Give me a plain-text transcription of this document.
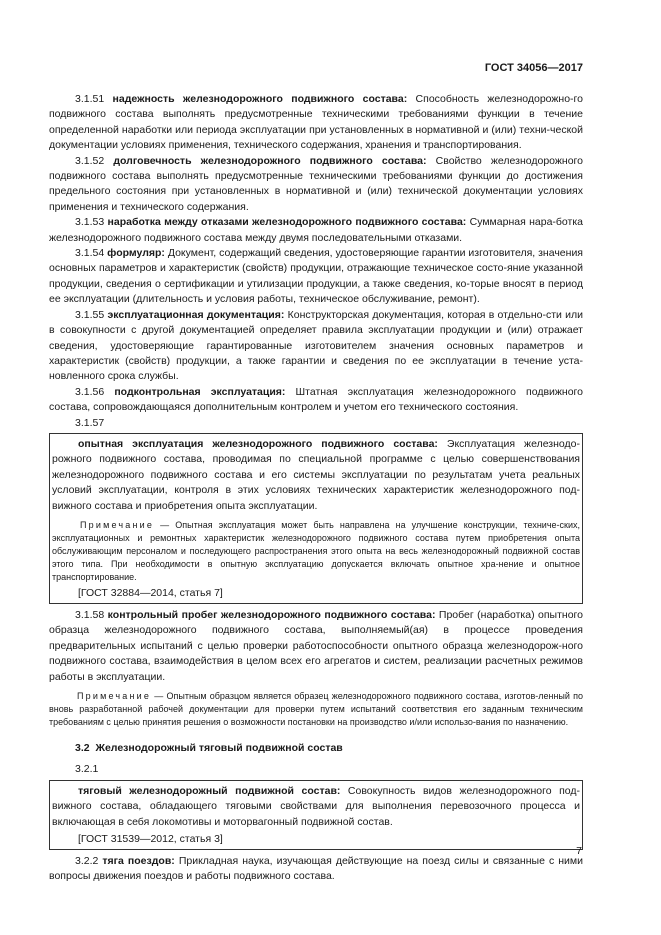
ГОСТ 34056—2017

3.1.51 надежность железнодорожного подвижного состава: Способность железнодорожно-го подвижного состава выполнять предусмотренные техническими требованиями функции в течение определенной наработки или периода эксплуатации при установленных в нормативной и (или) техни-ческой документации условиях применения, технического содержания, хранения и транспортирования.

3.1.52 долговечность железнодорожного подвижного состава: Свойство железнодорожного подвижного состава выполнять предусмотренные техническими требованиями функции до достижения предельного состояния при установленных в нормативной и (или) технической документации условиях применения и технического содержания.

3.1.53 наработка между отказами железнодорожного подвижного состава: Суммарная нара-ботка железнодорожного подвижного состава между двумя последовательными отказами.

3.1.54 формуляр: Документ, содержащий сведения, удостоверяющие гарантии изготовителя, значения основных параметров и характеристик (свойств) продукции, отражающие техническое состо-яние указанной продукции, сведения о сертификации и утилизации продукции, а также сведения, ко-торые вносят в период ее эксплуатации (длительность и условия работы, техническое обслуживание, ремонт).

3.1.55 эксплуатационная документация: Конструкторская документация, которая в отдельно-сти или в совокупности с другой документацией определяет правила эксплуатации продукции и (или) отражает сведения, удостоверяющие гарантированные изготовителем значения основных параметров и характеристик (свойств) продукции, а также гарантии и сведения по ее эксплуатации в течение уста-новленного срока службы.

3.1.56 подконтрольная эксплуатация: Штатная эксплуатация железнодорожного подвижного состава, сопровождающаяся дополнительным контролем и учетом его технического состояния.

3.1.57

опытная эксплуатация железнодорожного подвижного состава: Эксплуатация железнодо-рожного подвижного состава, проводимая по специальной программе с целью совершенствования железнодорожного подвижного состава и его системы эксплуатации по результатам учета реальных условий эксплуатации, контроля в этих условиях технических характеристик железнодорожного под-вижного состава и приобретения опыта эксплуатации.

Примечание — Опытная эксплуатация может быть направлена на улучшение конструкции, техниче-ских, эксплуатационных и ремонтных характеристик железнодорожного подвижного состава путем приобретения опыта обслуживающим персоналом и последующего распространения этого опыта на весь железнодорожный подвижной состав этого типа. При необходимости в опытную эксплуатацию допускается включать опытное хра-нение и опытное транспортирование.

[ГОСТ 32884—2014, статья 7]

3.1.58 контрольный пробег железнодорожного подвижного состава: Пробег (наработка) опытного образца железнодорожного подвижного состава, выполняемый(ая) в процессе проведения предварительных испытаний с целью проверки работоспособности опытного образца железнодорож-ного подвижного состава, взаимодействия в целом всех его агрегатов и систем, реализации расчетных режимов работы в эксплуатации.

Примечание — Опытным образцом является образец железнодорожного подвижного состава, изготов-ленный по вновь разработанной рабочей документации для проверки путем испытаний соответствия его заданным техническим требованиям с целью принятия решения о возможности постановки на производство и/или использо-вания по назначению.

3.2 Железнодорожный тяговый подвижной состав

3.2.1

тяговый железнодорожный подвижной состав: Совокупность видов железнодорожного под-вижного состава, обладающего тяговыми свойствами для выполнения перевозочного процесса и включающая в себя локомотивы и моторвагонный подвижной состав.

[ГОСТ 31539—2012, статья 3]

3.2.2 тяга поездов: Прикладная наука, изучающая действующие на поезд силы и связанные с ними вопросы движения поездов и работы подвижного состава.

7
